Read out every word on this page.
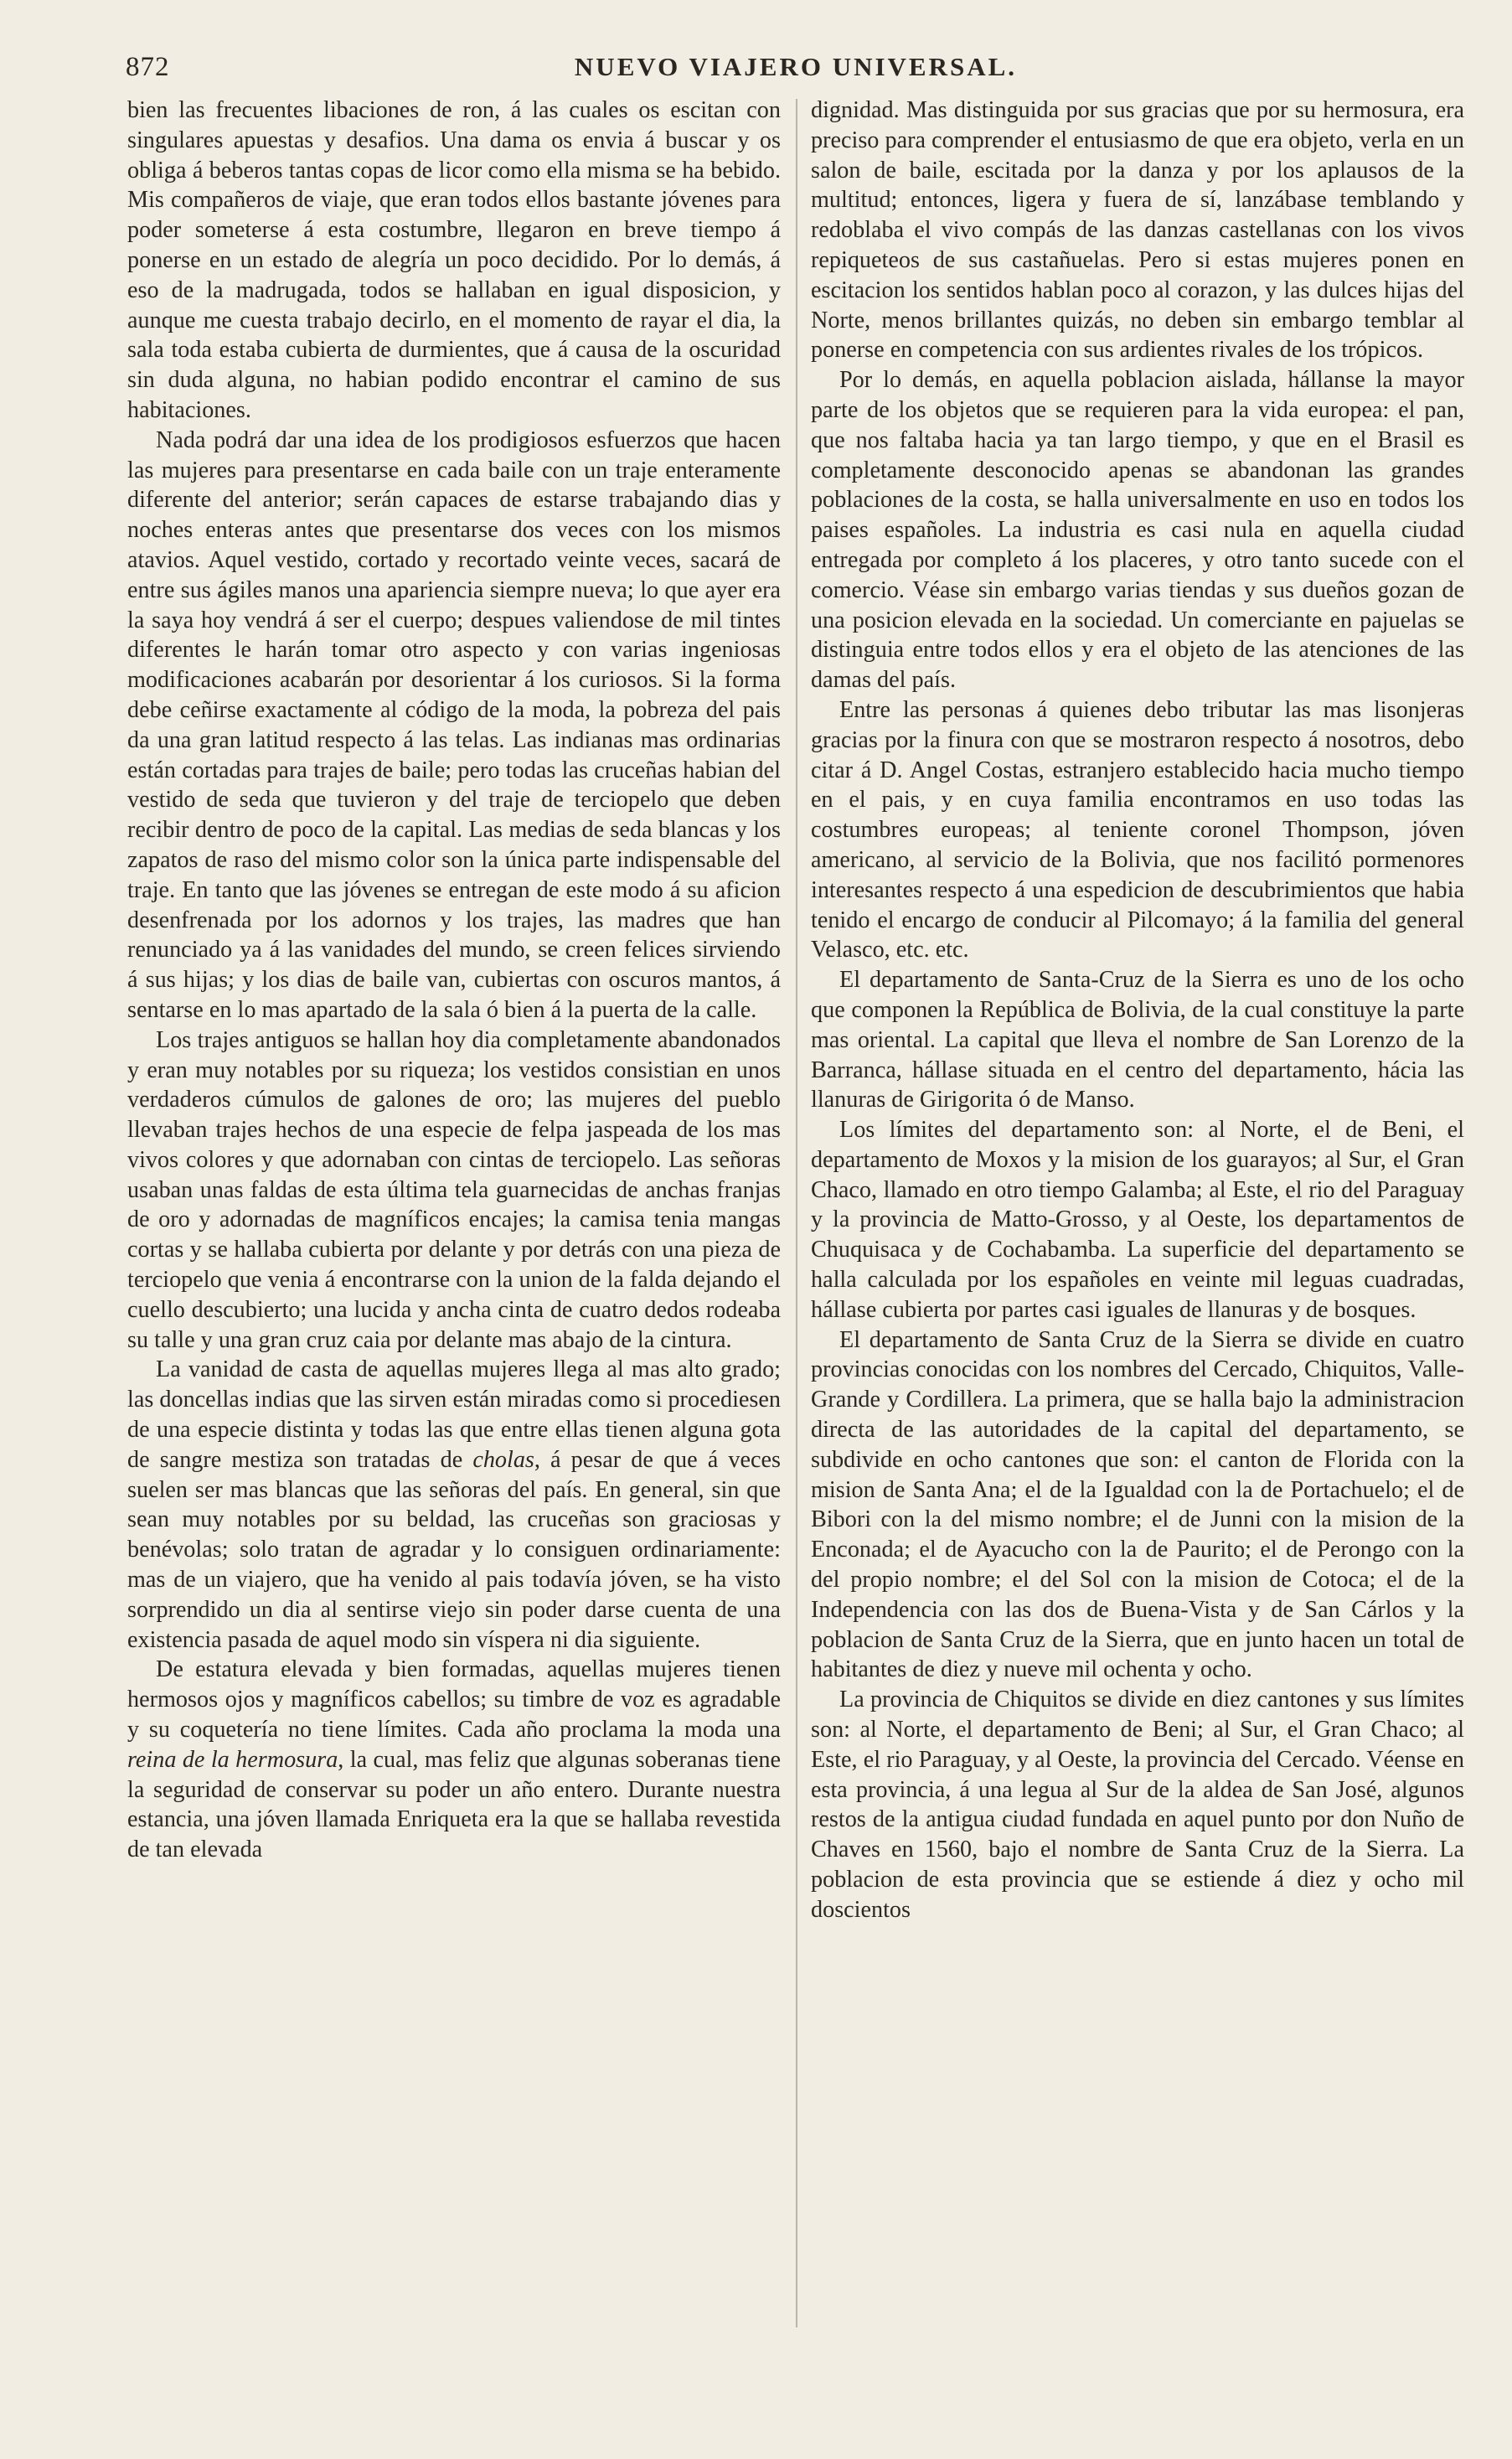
872	NUEVO VIAJERO UNIVERSAL.

bien las frecuentes libaciones de ron, á las cuales os escitan con singulares apuestas y desafios. Una dama os envia á buscar y os obliga á beberos tantas copas de licor como ella misma se ha bebido. Mis compañeros de viaje, que eran todos ellos bastante jóvenes para poder someterse á esta costumbre, llegaron en breve tiempo á ponerse en un estado de alegría un poco decidido. Por lo demás, á eso de la madrugada, todos se hallaban en igual disposicion, y aunque me cuesta trabajo decirlo, en el momento de rayar el dia, la sala toda estaba cubierta de durmientes, que á causa de la oscuridad sin duda alguna, no habian podido encontrar el camino de sus habitaciones.

Nada podrá dar una idea de los prodigiosos esfuerzos que hacen las mujeres para presentarse en cada baile con un traje enteramente diferente del anterior; serán capaces de estarse trabajando dias y noches enteras antes que presentarse dos veces con los mismos atavios. Aquel vestido, cortado y recortado veinte veces, sacará de entre sus ágiles manos una apariencia siempre nueva; lo que ayer era la saya hoy vendrá á ser el cuerpo; despues valiendose de mil tintes diferentes le harán tomar otro aspecto y con varias ingeniosas modificaciones acabarán por desorientar á los curiosos. Si la forma debe ceñirse exactamente al código de la moda, la pobreza del pais da una gran latitud respecto á las telas. Las indianas mas ordinarias están cortadas para trajes de baile; pero todas las cruceñas habian del vestido de seda que tuvieron y del traje de terciopelo que deben recibir dentro de poco de la capital. Las medias de seda blancas y los zapatos de raso del mismo color son la única parte indispensable del traje. En tanto que las jóvenes se entregan de este modo á su aficion desenfrenada por los adornos y los trajes, las madres que han renunciado ya á las vanidades del mundo, se creen felices sirviendo á sus hijas; y los dias de baile van, cubiertas con oscuros mantos, á sentarse en lo mas apartado de la sala ó bien á la puerta de la calle.

Los trajes antiguos se hallan hoy dia completamente abandonados y eran muy notables por su riqueza; los vestidos consistian en unos verdaderos cúmulos de galones de oro; las mujeres del pueblo llevaban trajes hechos de una especie de felpa jaspeada de los mas vivos colores y que adornaban con cintas de terciopelo. Las señoras usaban unas faldas de esta última tela guarnecidas de anchas franjas de oro y adornadas de magníficos encajes; la camisa tenia mangas cortas y se hallaba cubierta por delante y por detrás con una pieza de terciopelo que venia á encontrarse con la union de la falda dejando el cuello descubierto; una lucida y ancha cinta de cuatro dedos rodeaba su talle y una gran cruz caia por delante mas abajo de la cintura.

La vanidad de casta de aquellas mujeres llega al mas alto grado; las doncellas indias que las sirven están miradas como si procediesen de una especie distinta y todas las que entre ellas tienen alguna gota de sangre mestiza son tratadas de cholas, á pesar de que á veces suelen ser mas blancas que las señoras del país. En general, sin que sean muy notables por su beldad, las cruceñas son graciosas y benévolas; solo tratan de agradar y lo consiguen ordinariamente: mas de un viajero, que ha venido al pais todavía jóven, se ha visto sorprendido un dia al sentirse viejo sin poder darse cuenta de una existencia pasada de aquel modo sin víspera ni dia siguiente.

De estatura elevada y bien formadas, aquellas mujeres tienen hermosos ojos y magníficos cabellos; su timbre de voz es agradable y su coquetería no tiene límites. Cada año proclama la moda una reina de la hermosura, la cual, mas feliz que algunas soberanas tiene la seguridad de conservar su poder un año entero. Durante nuestra estancia, una jóven llamada Enriqueta era la que se hallaba revestida de tan elevada

dignidad. Mas distinguida por sus gracias que por su hermosura, era preciso para comprender el entusiasmo de que era objeto, verla en un salon de baile, escitada por la danza y por los aplausos de la multitud; entonces, ligera y fuera de sí, lanzábase temblando y redoblaba el vivo compás de las danzas castellanas con los vivos repiqueteos de sus castañuelas. Pero si estas mujeres ponen en escitacion los sentidos hablan poco al corazon, y las dulces hijas del Norte, menos brillantes quizás, no deben sin embargo temblar al ponerse en competencia con sus ardientes rivales de los trópicos.

Por lo demás, en aquella poblacion aislada, hállanse la mayor parte de los objetos que se requieren para la vida europea: el pan, que nos faltaba hacia ya tan largo tiempo, y que en el Brasil es completamente desconocido apenas se abandonan las grandes poblaciones de la costa, se halla universalmente en uso en todos los paises españoles. La industria es casi nula en aquella ciudad entregada por completo á los placeres, y otro tanto sucede con el comercio. Véase sin embargo varias tiendas y sus dueños gozan de una posicion elevada en la sociedad. Un comerciante en pajuelas se distinguia entre todos ellos y era el objeto de las atenciones de las damas del país.

Entre las personas á quienes debo tributar las mas lisonjeras gracias por la finura con que se mostraron respecto á nosotros, debo citar á D. Angel Costas, estranjero establecido hacia mucho tiempo en el pais, y en cuya familia encontramos en uso todas las costumbres europeas; al teniente coronel Thompson, jóven americano, al servicio de la Bolivia, que nos facilitó pormenores interesantes respecto á una espedicion de descubrimientos que habia tenido el encargo de conducir al Pilcomayo; á la familia del general Velasco, etc. etc.

El departamento de Santa-Cruz de la Sierra es uno de los ocho que componen la República de Bolivia, de la cual constituye la parte mas oriental. La capital que lleva el nombre de San Lorenzo de la Barranca, hállase situada en el centro del departamento, hácia las llanuras de Girigorita ó de Manso.

Los límites del departamento son: al Norte, el de Beni, el departamento de Moxos y la mision de los guarayos; al Sur, el Gran Chaco, llamado en otro tiempo Galamba; al Este, el rio del Paraguay y la provincia de Matto-Grosso, y al Oeste, los departamentos de Chuquisaca y de Cochabamba. La superficie del departamento se halla calculada por los españoles en veinte mil leguas cuadradas, hállase cubierta por partes casi iguales de llanuras y de bosques.

El departamento de Santa Cruz de la Sierra se divide en cuatro provincias conocidas con los nombres del Cercado, Chiquitos, Valle-Grande y Cordillera. La primera, que se halla bajo la administracion directa de las autoridades de la capital del departamento, se subdivide en ocho cantones que son: el canton de Florida con la mision de Santa Ana; el de la Igualdad con la de Portachuelo; el de Bibori con la del mismo nombre; el de Junni con la mision de la Enconada; el de Ayacucho con la de Paurito; el de Perongo con la del propio nombre; el del Sol con la mision de Cotoca; el de la Independencia con las dos de Buena-Vista y de San Cárlos y la poblacion de Santa Cruz de la Sierra, que en junto hacen un total de habitantes de diez y nueve mil ochenta y ocho.

La provincia de Chiquitos se divide en diez cantones y sus límites son: al Norte, el departamento de Beni; al Sur, el Gran Chaco; al Este, el rio Paraguay, y al Oeste, la provincia del Cercado. Véense en esta provincia, á una legua al Sur de la aldea de San José, algunos restos de la antigua ciudad fundada en aquel punto por don Nuño de Chaves en 1560, bajo el nombre de Santa Cruz de la Sierra. La poblacion de esta provincia que se estiende á diez y ocho mil doscientos
